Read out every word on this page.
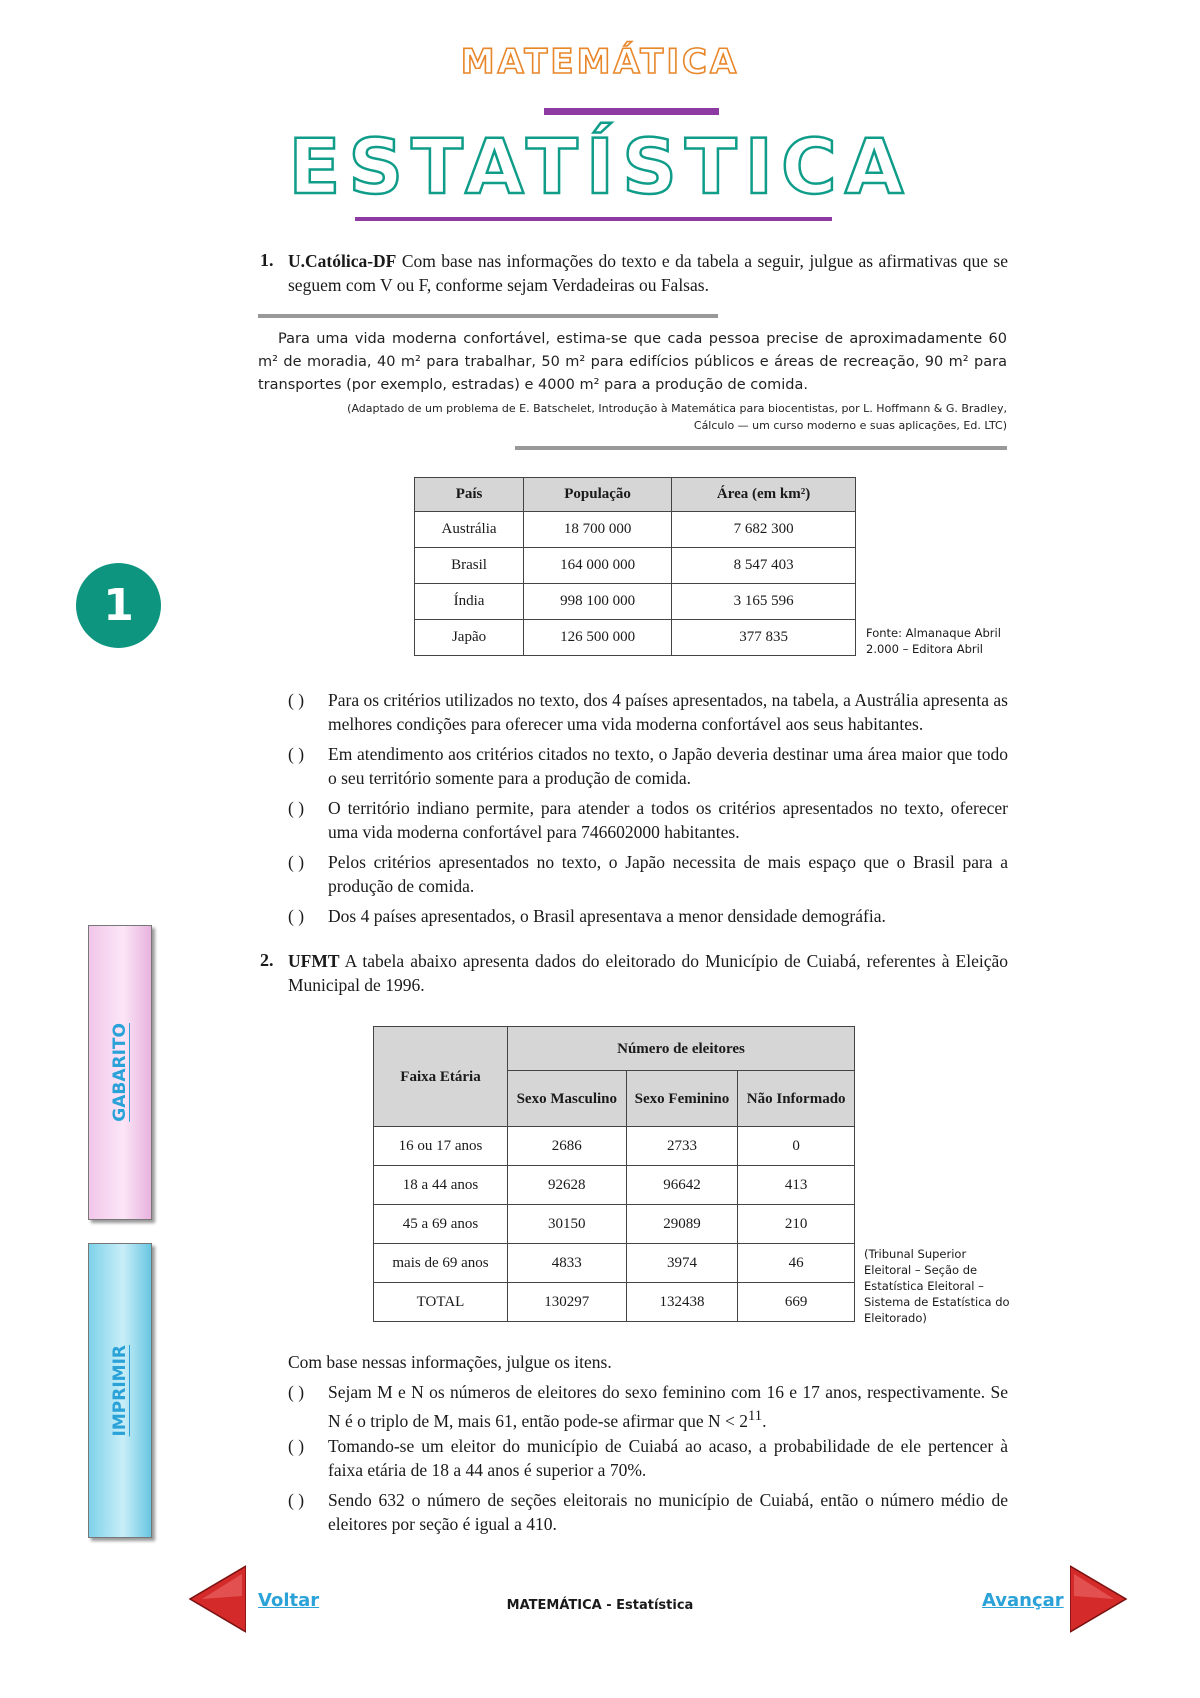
MATEMÁTICA
ESTATÍSTICA
1. U.Católica-DF Com base nas informações do texto e da tabela a seguir, julgue as afirmativas que se seguem com V ou F, conforme sejam Verdadeiras ou Falsas.
Para uma vida moderna confortável, estima-se que cada pessoa precise de aproximadamente 60 m² de moradia, 40 m² para trabalhar, 50 m² para edifícios públicos e áreas de recreação, 90 m² para transportes (por exemplo, estradas) e 4000 m² para a produção de comida.
(Adaptado de um problema de E. Batschelet, Introdução à Matemática para biocentistas, por L. Hoffmann & G. Bradley,
Cálculo — um curso moderno e suas aplicações, Ed. LTC)
País	População	Área (em km²)
Austrália	18 700 000	7 682 300
Brasil	164 000 000	8 547 403
Índia	998 100 000	3 165 596
Japão	126 500 000	377 835	Fonte: Almanaque Abril 2.000 – Editora Abril
1
( ) Para os critérios utilizados no texto, dos 4 países apresentados, na tabela, a Austrália apresenta as melhores condições para oferecer uma vida moderna confortável aos seus habitantes.
( ) Em atendimento aos critérios citados no texto, o Japão deveria destinar uma área maior que todo o seu território somente para a produção de comida.
( ) O território indiano permite, para atender a todos os critérios apresentados no texto, oferecer uma vida moderna confortável para 746602000 habitantes.
( ) Pelos critérios apresentados no texto, o Japão necessita de mais espaço que o Brasil para a produção de comida.
( ) Dos 4 países apresentados, o Brasil apresentava a menor densidade demográfia.
2. UFMT A tabela abaixo apresenta dados do eleitorado do Município de Cuiabá, referentes à Eleição Municipal de 1996.
Faixa Etária	Número de eleitores		
	Sexo Masculino	Sexo Feminino	Não Informado
16 ou 17 anos	2686	2733	0
18 a 44 anos	92628	96642	413
45 a 69 anos	30150	29089	210
mais de 69 anos	4833	3974	46
TOTAL	130297	132438	669
(Tribunal Superior Eleitoral – Seção de Estatística Eleitoral – Sistema de Estatística do Eleitorado)
Com base nessas informações, julgue os itens.
( ) Sejam M e N os números de eleitores do sexo feminino com 16 e 17 anos, respectivamente. Se N é o triplo de M, mais 61, então pode-se afirmar que $N < 2^{11}$.
( ) Tomando-se um eleitor do município de Cuiabá ao acaso, a probabilidade de ele pertencer à faixa etária de 18 a 44 anos é superior a 70%.
( ) Sendo 632 o número de seções eleitorais no município de Cuiabá, então o número médio de eleitores por seção é igual a 410.
GABARITO
IMPRIMIR
Voltar	MATEMÁTICA - Estatística	Avançar
